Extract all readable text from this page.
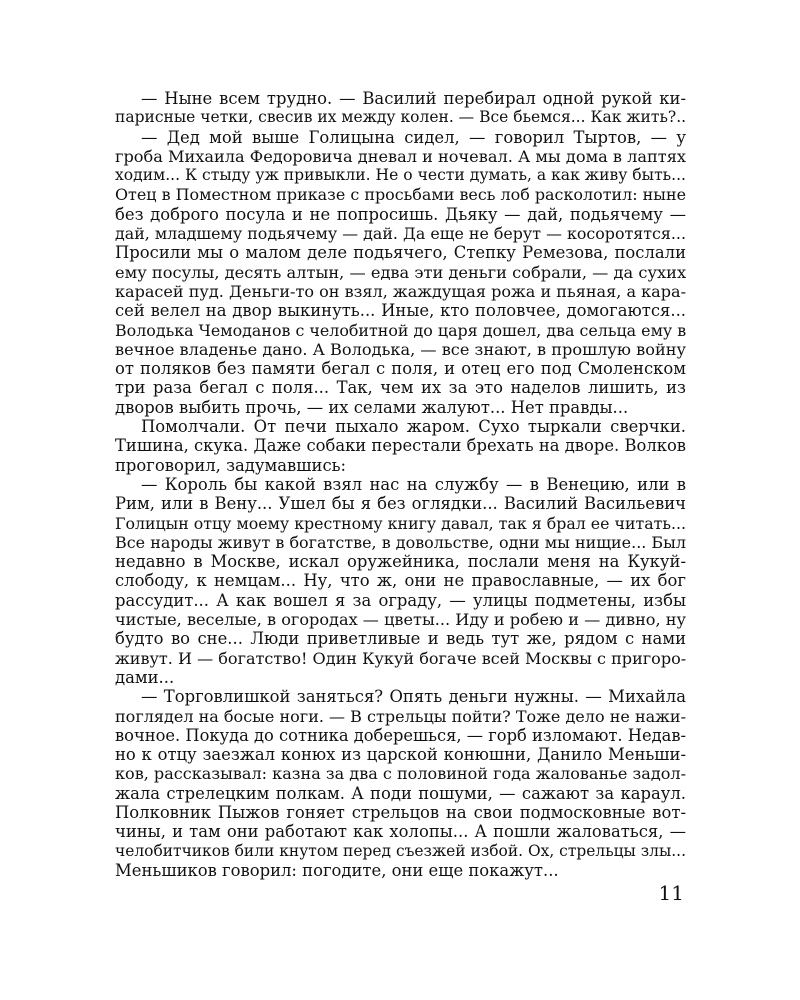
— Ныне всем трудно. — Василий перебирал одной рукой ки-
парисные четки, свесив их между колен. — Все бьемся... Как жить?..
— Дед мой выше Голицына сидел, — говорил Тыртов, — у
гроба Михаила Федоровича дневал и ночевал. А мы дома в лаптях
ходим... К стыду уж привыкли. Не о чести думать, а как живу быть...
Отец в Поместном приказе с просьбами весь лоб расколотил: ныне
без доброго посула и не попросишь. Дьяку — дай, подьячему —
дай, младшему подьячему — дай. Да еще не берут — косоротятся...
Просили мы о малом деле подьячего, Степку Ремезова, послали
ему посулы, десять алтын, — едва эти деньги собрали, — да сухих
карасей пуд. Деньги-то он взял, жаждущая рожа и пьяная, а кара-
сей велел на двор выкинуть... Иные, кто половчее, домогаются...
Володька Чемоданов с челобитной до царя дошел, два сельца ему в
вечное владенье дано. А Володька, — все знают, в прошлую войну
от поляков без памяти бегал с поля, и отец его под Смоленском
три раза бегал с поля... Так, чем их за это наделов лишить, из
дворов выбить прочь, — их селами жалуют... Нет правды...
Помолчали. От печи пыхало жаром. Сухо тыркали сверчки.
Тишина, скука. Даже собаки перестали брехать на дворе. Волков
проговорил, задумавшись:
— Король бы какой взял нас на службу — в Венецию, или в
Рим, или в Вену... Ушел бы я без оглядки... Василий Васильевич
Голицын отцу моему крестному книгу давал, так я брал ее читать...
Все народы живут в богатстве, в довольстве, одни мы нищие... Был
недавно в Москве, искал оружейника, послали меня на Кукуй-
слободу, к немцам... Ну, что ж, они не православные, — их бог
рассудит... А как вошел я за ограду, — улицы подметены, избы
чистые, веселые, в огородах — цветы... Иду и робею и — дивно, ну
будто во сне... Люди приветливые и ведь тут же, рядом с нами
живут. И — богатство! Один Кукуй богаче всей Москвы с пригоро-
дами...
— Торговлишкой заняться? Опять деньги нужны. — Михайла
поглядел на босые ноги. — В стрельцы пойти? Тоже дело не нажи-
вочное. Покуда до сотника доберешься, — горб изломают. Недав-
но к отцу заезжал конюх из царской конюшни, Данило Меньши-
ков, рассказывал: казна за два с половиной года жалованье задол-
жала стрелецким полкам. А поди пошуми, — сажают за караул.
Полковник Пыжов гоняет стрельцов на свои подмосковные вот-
чины, и там они работают как холопы... А пошли жаловаться, —
челобитчиков били кнутом перед съезжей избой. Ох, стрельцы злы...
Меньшиков говорил: погодите, они еще покажут...
11
